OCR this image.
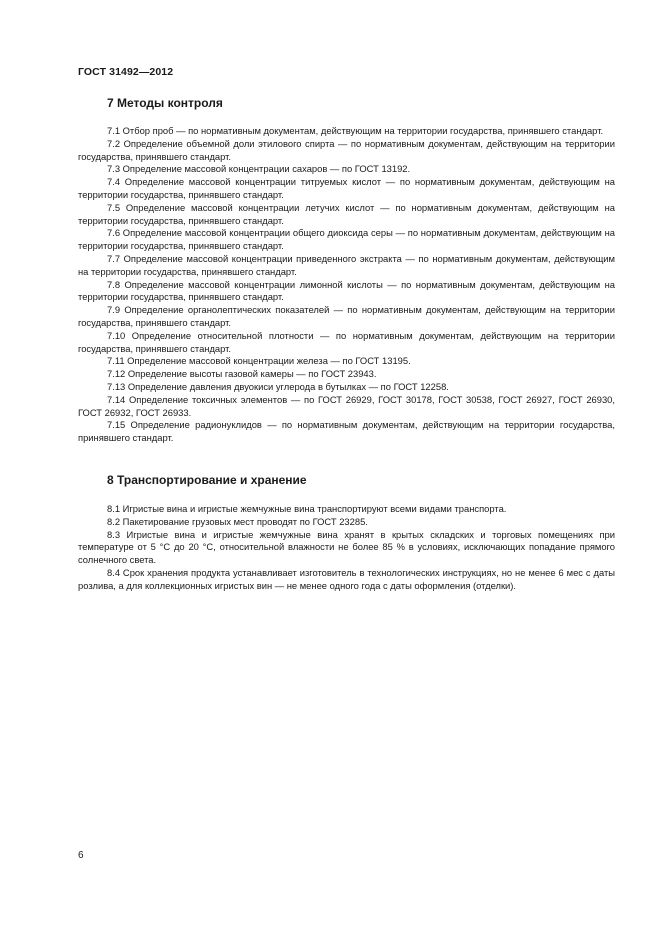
ГОСТ 31492—2012
7 Методы контроля

7.1 Отбор проб — по нормативным документам, действующим на территории государства, принявшего стандарт.

7.2 Определение объемной доли этилового спирта — по нормативным документам, действующим на территории государства, принявшего стандарт.

7.3 Определение массовой концентрации сахаров — по ГОСТ 13192.

7.4 Определение массовой концентрации титруемых кислот — по нормативным документам, действующим на территории государства, принявшего стандарт.

7.5 Определение массовой концентрации летучих кислот — по нормативным документам, действующим на территории государства, принявшего стандарт.

7.6 Определение массовой концентрации общего диоксида серы — по нормативным документам, действующим на территории государства, принявшего стандарт.

7.7 Определение массовой концентрации приведенного экстракта — по нормативным документам, действующим на территории государства, принявшего стандарт.

7.8 Определение массовой концентрации лимонной кислоты — по нормативным документам, действующим на территории государства, принявшего стандарт.

7.9 Определение органолептических показателей — по нормативным документам, действующим на территории государства, принявшего стандарт.

7.10 Определение относительной плотности — по нормативным документам, действующим на территории государства, принявшего стандарт.

7.11 Определение массовой концентрации железа — по ГОСТ 13195.

7.12 Определение высоты газовой камеры — по ГОСТ 23943.

7.13 Определение давления двуокиси углерода в бутылках — по ГОСТ 12258.

7.14 Определение токсичных элементов — по ГОСТ 26929, ГОСТ 30178, ГОСТ 30538, ГОСТ 26927, ГОСТ 26930, ГОСТ 26932, ГОСТ 26933.

7.15 Определение радионуклидов — по нормативным документам, действующим на территории государства, принявшего стандарт.

8 Транспортирование и хранение

8.1 Игристые вина и игристые жемчужные вина транспортируют всеми видами транспорта.

8.2 Пакетирование грузовых мест проводят по ГОСТ 23285.

8.3 Игристые вина и игристые жемчужные вина хранят в крытых складских и торговых помещениях при температуре от 5 °С до 20 °С, относительной влажности не более 85 % в условиях, исключающих попадание прямого солнечного света.

8.4 Срок хранения продукта устанавливает изготовитель в технологических инструкциях, но не менее 6 мес с даты розлива, а для коллекционных игристых вин — не менее одного года с даты оформления (отделки).

6
